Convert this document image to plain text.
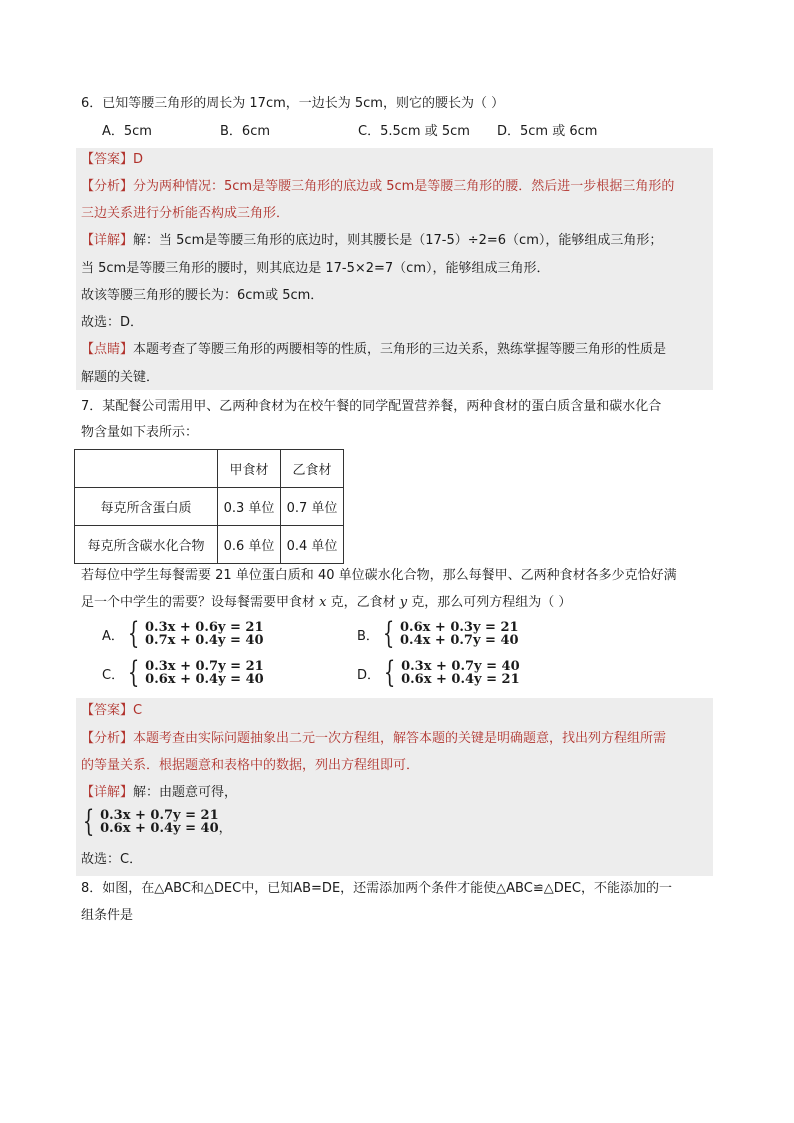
6．已知等腰三角形的周长为 17cm，一边长为 5cm，则它的腰长为（ ）
A．5cm	B．6cm	C．5.5cm 或 5cm D．5cm 或 6cm
【答案】D
【分析】分为两种情况：5cm是等腰三角形的底边或 5cm是等腰三角形的腰．然后进一步根据三角形的
三边关系进行分析能否构成三角形．
【详解】解：当 5cm是等腰三角形的底边时，则其腰长是（17-5）÷2=6（cm），能够组成三角形；
当 5cm是等腰三角形的腰时，则其底边是 17-5×2=7（cm），能够组成三角形．
故该等腰三角形的腰长为：6cm或 5cm．
故选：D．
【点睛】本题考查了等腰三角形的两腰相等的性质，三角形的三边关系，熟练掌握等腰三角形的性质是
解题的关键．
7．某配餐公司需用甲、乙两种食材为在校午餐的同学配置营养餐，两种食材的蛋白质含量和碳水化合
物含量如下表所示：
	甲食材	乙食材
每克所含蛋白质	0.3 单位	0.7 单位
每克所含碳水化合物	0.6 单位	0.4 单位
若每位中学生每餐需要 21 单位蛋白质和 40 单位碳水化合物，那么每餐甲、乙两种食材各多少克恰好满
足一个中学生的需要？设每餐需要甲食材 x 克，乙食材 y 克，那么可列方程组为（ ）
A． { 0.3x + 0.6y = 21
0.7x + 0.4y = 40	B． { 0.6x + 0.3y = 21
0.4x + 0.7y = 40
C． { 0.3x + 0.7y = 21
0.6x + 0.4y = 40	D． { 0.3x + 0.7y = 40
0.6x + 0.4y = 21
【答案】C
【分析】本题考查由实际问题抽象出二元一次方程组，解答本题的关键是明确题意，找出列方程组所需
的等量关系．根据题意和表格中的数据，列出方程组即可．
【详解】解：由题意可得，
{ 0.3x + 0.7y = 21
0.6x + 0.4y = 40 ，
故选：C．
8．如图，在△ABC和△DEC中，已知AB=DE，还需添加两个条件才能使△ABC≌△DEC，不能添加的一
组条件是
